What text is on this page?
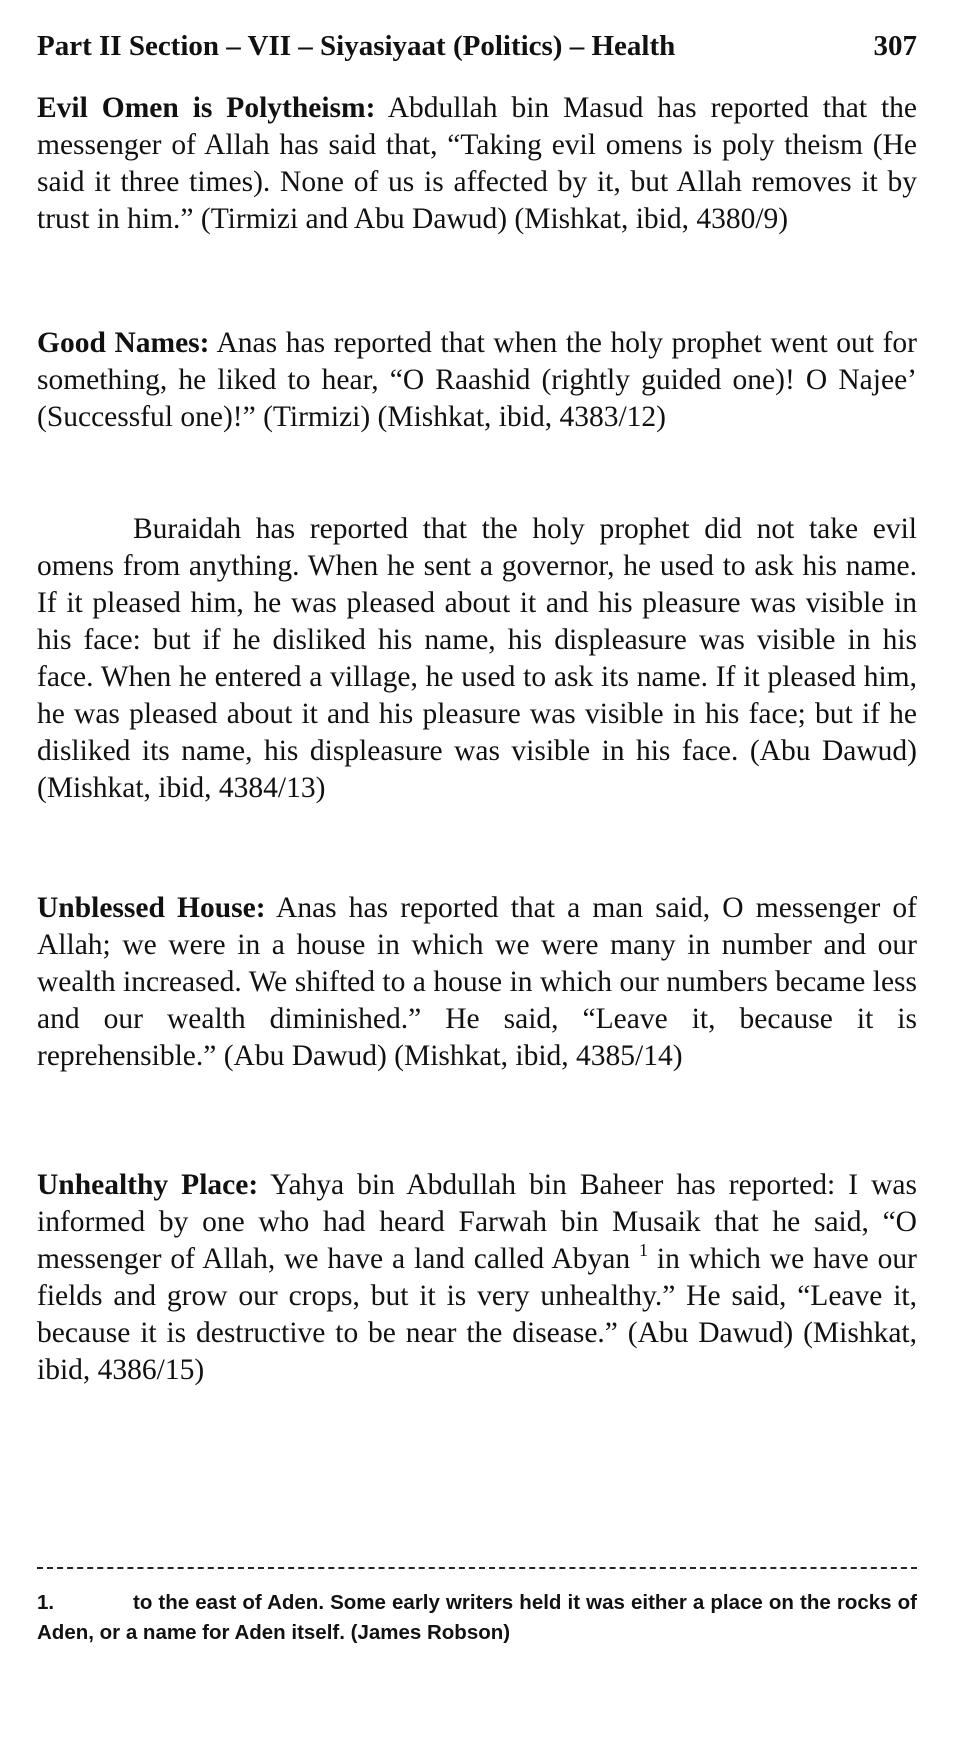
Part II Section – VII – Siyasiyaat (Politics) – Health	307

Evil Omen is Polytheism: Abdullah bin Masud has reported that the messenger of Allah has said that, “Taking evil omens is poly theism (He said it three times). None of us is affected by it, but Allah removes it by trust in him.” (Tirmizi and Abu Dawud) (Mishkat, ibid, 4380/9)

Good Names: Anas has reported that when the holy prophet went out for something, he liked to hear, “O Raashid (rightly guided one)! O Najee’ (Successful one)!” (Tirmizi) (Mishkat, ibid, 4383/12)

Buraidah has reported that the holy prophet did not take evil omens from anything. When he sent a governor, he used to ask his name. If it pleased him, he was pleased about it and his pleasure was visible in his face: but if he disliked his name, his displeasure was visible in his face. When he entered a village, he used to ask its name. If it pleased him, he was pleased about it and his pleasure was visible in his face; but if he disliked its name, his displeasure was visible in his face. (Abu Dawud) (Mishkat, ibid, 4384/13)

Unblessed House: Anas has reported that a man said, O messenger of Allah; we were in a house in which we were many in number and our wealth increased. We shifted to a house in which our numbers became less and our wealth diminished.” He said, “Leave it, because it is reprehensible.” (Abu Dawud) (Mishkat, ibid, 4385/14)

Unhealthy Place: Yahya bin Abdullah bin Baheer has reported: I was informed by one who had heard Farwah bin Musaik that he said, “O messenger of Allah, we have a land called Abyan $^1$ in which we have our fields and grow our crops, but it is very unhealthy.” He said, “Leave it, because it is destructive to be near the disease.” (Abu Dawud) (Mishkat, ibid, 4386/15)

1.	to the east of Aden. Some early writers held it was either a place on the rocks of Aden, or a name for Aden itself. (James Robson)
